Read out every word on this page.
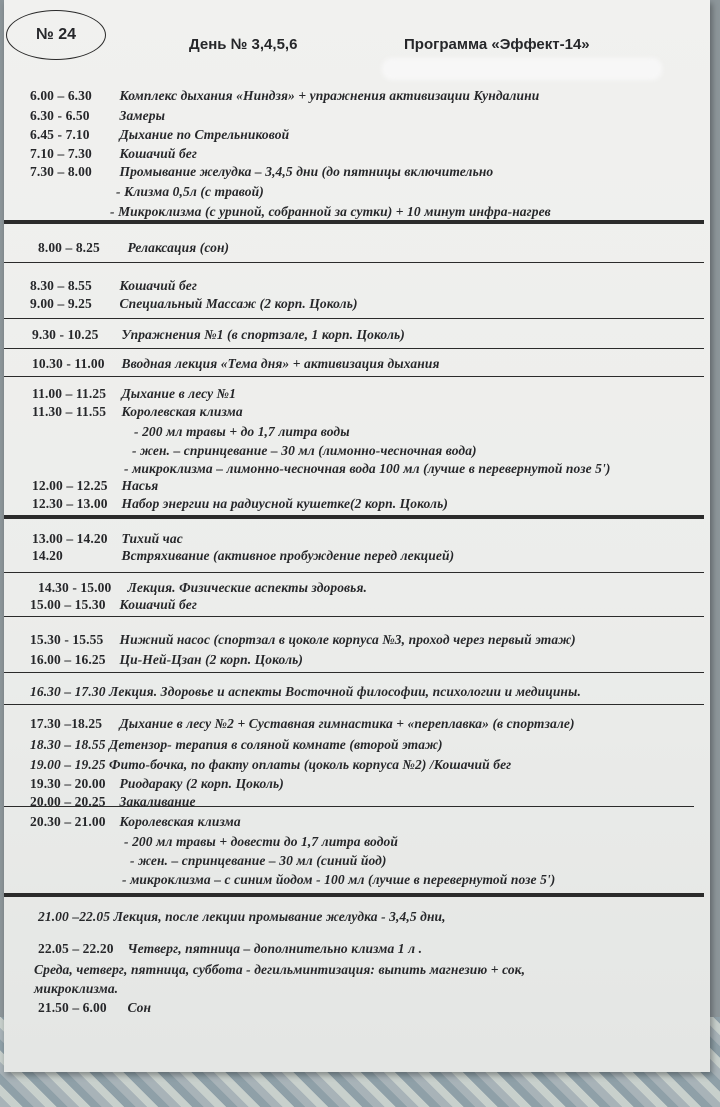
№ 24
День № 3,4,5,6	Программа «Эффект-14»
6.00 – 6.30 Комплекс дыхания «Ниндзя» + упражнения активизации Кундалини
6.30 - 6.50 Замеры
6.45 - 7.10 Дыхание по Стрельниковой
7.10 – 7.30 Кошачий бег
7.30 – 8.00 Промывание желудка – 3,4,5 дни (до пятницы включительно
- Клизма 0,5л (с травой)
- Микроклизма (с уриной, собранной за сутки) + 10 минут инфра-нагрев
8.00 – 8.25 Релаксация (сон)
8.30 – 8.55 Кошачий бег
9.00 – 9.25 Специальный Массаж (2 корп. Цоколь)
9.30 - 10.25 Упражнения №1 (в спортзале, 1 корп. Цоколь)
10.30 - 11.00 Вводная лекция «Тема дня» + активизация дыхания
11.00 – 11.25 Дыхание в лесу №1
11.30 – 11.55 Королевская клизма
- 200 мл травы + до 1,7 литра воды
- жен. – спринцевание – 30 мл (лимонно-чесночная вода)
- микроклизма – лимонно-чесночная вода 100 мл (лучше в перевернутой позе 5')
12.00 – 12.25 Насья
12.30 – 13.00 Набор энергии на радиусной кушетке(2 корп. Цоколь)
13.00 – 14.20 Тихий час
14.20	Встряхивание (активное пробуждение перед лекцией)
14.30 - 15.00 Лекция. Физические аспекты здоровья.
15.00 – 15.30 Кошачий бег
15.30 - 15.55 Нижний насос (спортзал в цоколе корпуса №3, проход через первый этаж)
16.00 – 16.25 Ци-Ней-Цзан (2 корп. Цоколь)
16.30 – 17.30 Лекция. Здоровье и аспекты Восточной философии, психологии и медицины.
17.30 –18.25 Дыхание в лесу №2 + Суставная гимнастика + «переплавка» (в спортзале)
18.30 – 18.55 Детензор- терапия в соляной комнате (второй этаж)
19.00 – 19.25 Фито-бочка, по факту оплаты (цоколь корпуса №2) /Кошачий бег
19.30 – 20.00 Риодараку (2 корп. Цоколь)
20.00 – 20.25 Закаливание
20.30 – 21.00 Королевская клизма
- 200 мл травы + довести до 1,7 литра водой
- жен. – спринцевание – 30 мл (синий йод)
- микроклизма – с синим йодом - 100 мл (лучше в перевернутой позе 5')
21.00 –22.05 Лекция, после лекции промывание желудка - 3,4,5 дни,
22.05 – 22.20 Четверг, пятница – дополнительно клизма 1 л .
Среда, четверг, пятница, суббота - дегильминтизация: выпить магнезию + сок,
микроклизма.
21.50 – 6.00 Сон
